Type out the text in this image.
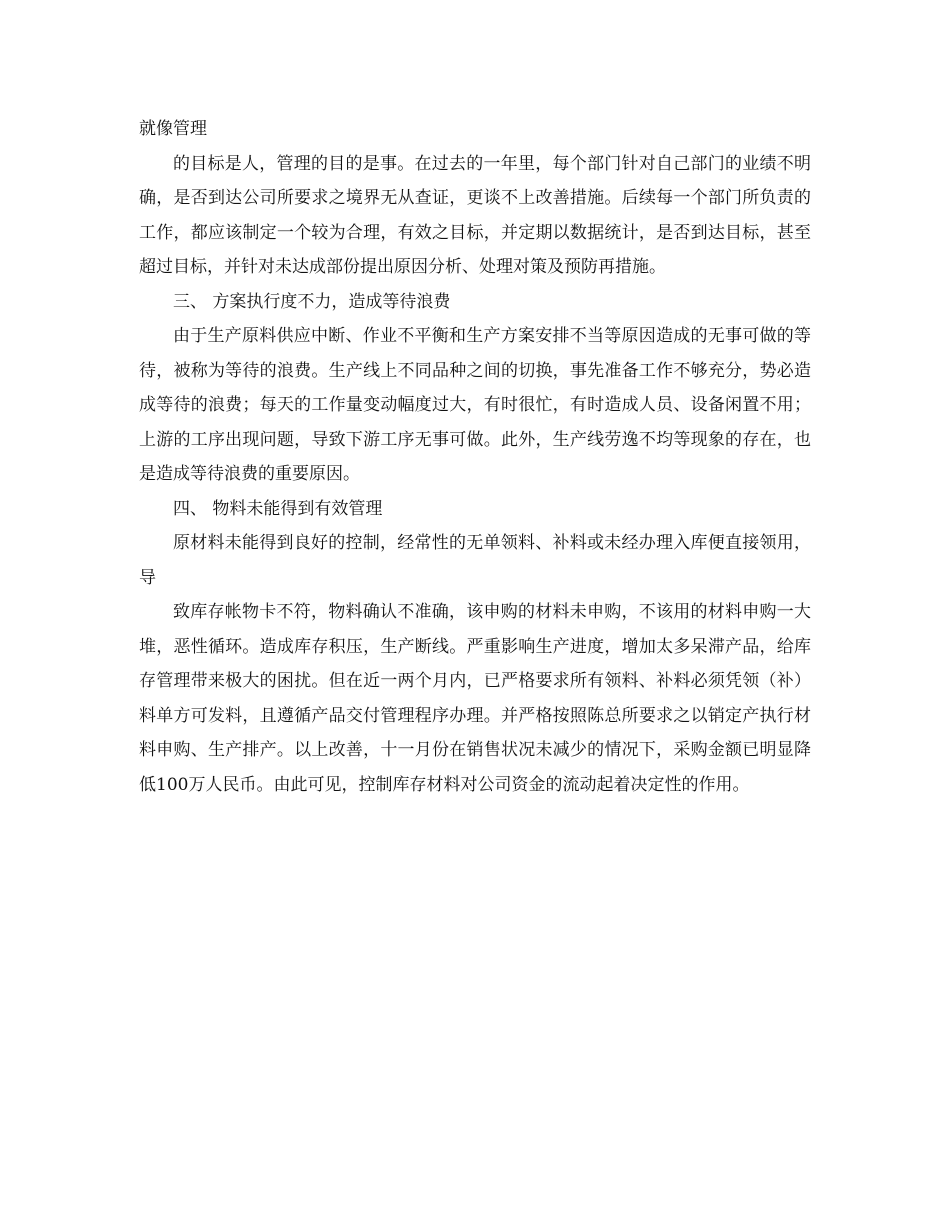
就像管理

的目标是人，管理的目的是事。在过去的一年里，每个部门针对自己部门的业绩不明确，是否到达公司所要求之境界无从查证，更谈不上改善措施。后续每一个部门所负责的工作，都应该制定一个较为合理，有效之目标，并定期以数据统计，是否到达目标，甚至超过目标，并针对未达成部份提出原因分析、处理对策及预防再措施。

三、 方案执行度不力，造成等待浪费

由于生产原料供应中断、作业不平衡和生产方案安排不当等原因造成的无事可做的等待，被称为等待的浪费。生产线上不同品种之间的切换，事先准备工作不够充分，势必造成等待的浪费；每天的工作量变动幅度过大，有时很忙，有时造成人员、设备闲置不用；上游的工序出现问题，导致下游工序无事可做。此外，生产线劳逸不均等现象的存在，也是造成等待浪费的重要原因。

四、 物料未能得到有效管理

原材料未能得到良好的控制，经常性的无单领料、补料或未经办理入库便直接领用，导

致库存帐物卡不符，物料确认不准确，该申购的材料未申购，不该用的材料申购一大堆，恶性循环。造成库存积压，生产断线。严重影响生产进度，增加太多呆滞产品，给库存管理带来极大的困扰。但在近一两个月内，已严格要求所有领料、补料必须凭领（补）料单方可发料，且遵循产品交付管理程序办理。并严格按照陈总所要求之以销定产执行材料申购、生产排产。以上改善，十一月份在销售状况未减少的情况下，采购金额已明显降低100万人民币。由此可见，控制库存材料对公司资金的流动起着决定性的作用。
